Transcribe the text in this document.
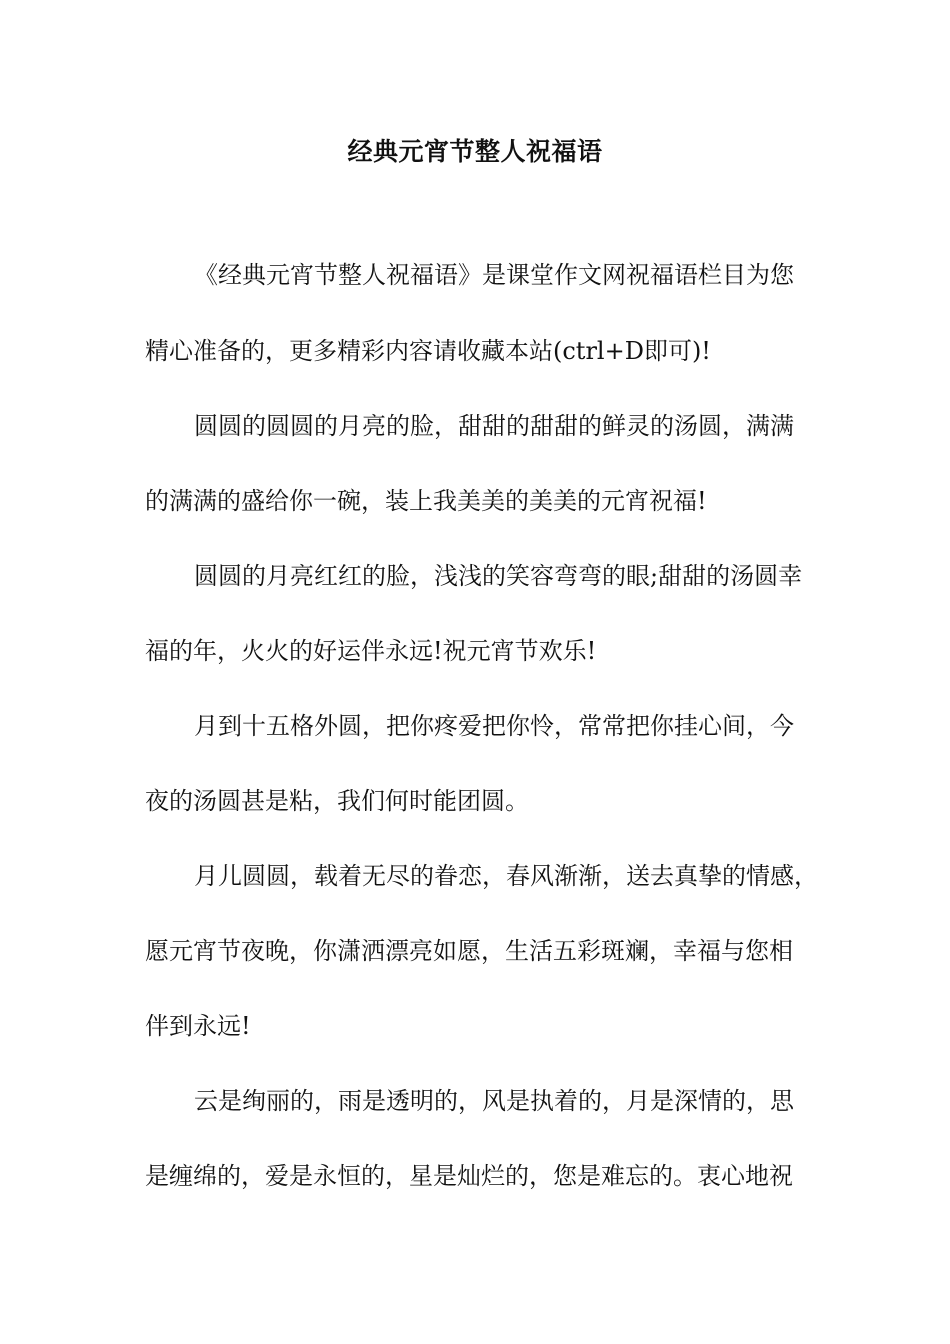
经典元宵节整人祝福语
《经典元宵节整人祝福语》是课堂作文网祝福语栏目为您
精心准备的，更多精彩内容请收藏本站(ctrl+D即可)!
圆圆的圆圆的月亮的脸，甜甜的甜甜的鲜灵的汤圆，满满
的满满的盛给你一碗，装上我美美的美美的元宵祝福!
圆圆的月亮红红的脸，浅浅的笑容弯弯的眼;甜甜的汤圆幸
福的年，火火的好运伴永远!祝元宵节欢乐!
月到十五格外圆，把你疼爱把你怜，常常把你挂心间，今
夜的汤圆甚是粘，我们何时能团圆。
月儿圆圆，载着无尽的眷恋，春风渐渐，送去真挚的情感，
愿元宵节夜晚，你潇洒漂亮如愿，生活五彩斑斓，幸福与您相
伴到永远!
云是绚丽的，雨是透明的，风是执着的，月是深情的，思
是缠绵的，爱是永恒的，星是灿烂的，您是难忘的。衷心地祝
